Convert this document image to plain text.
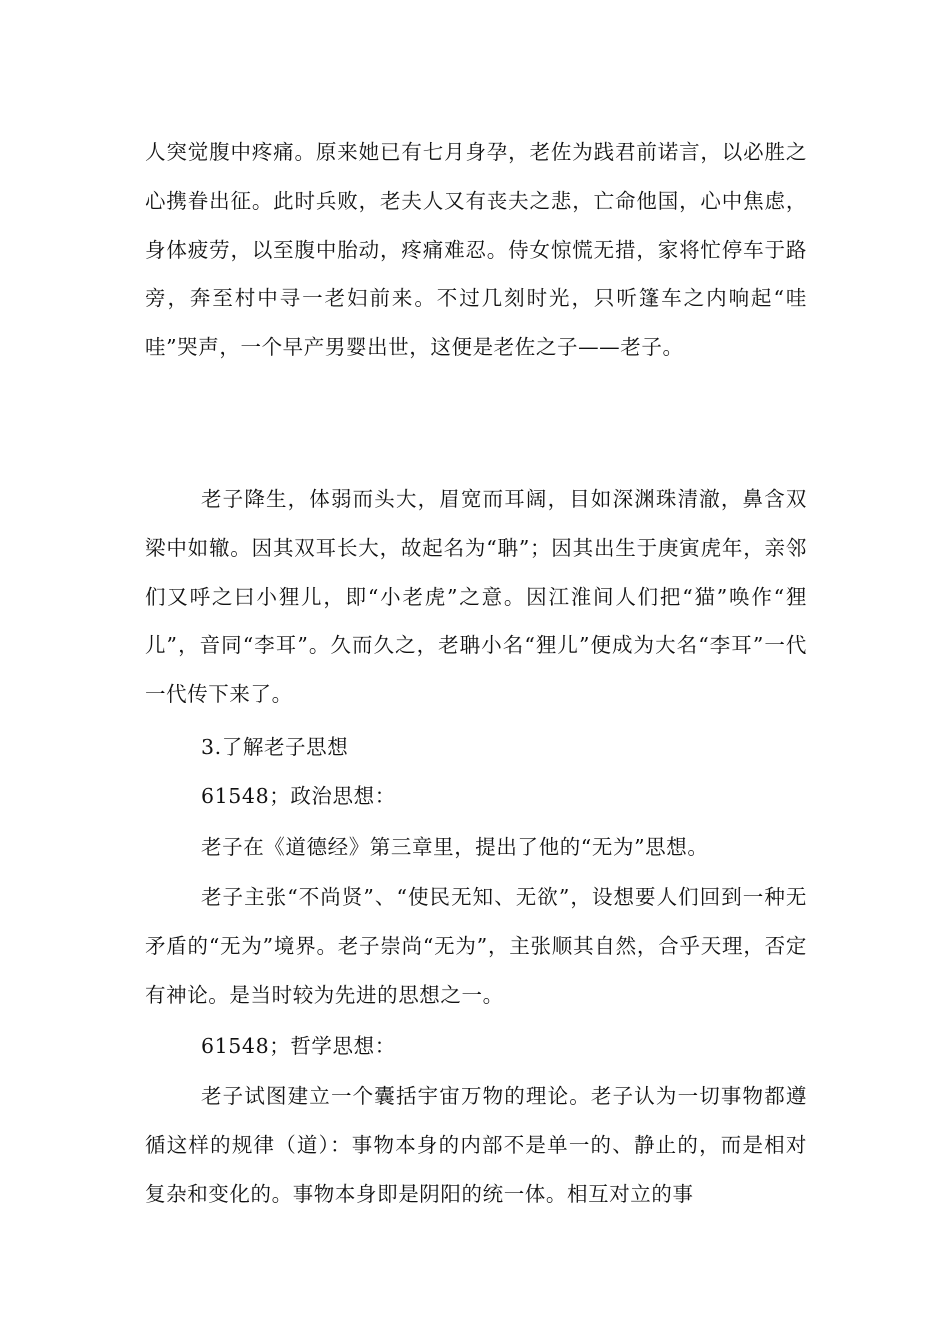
人突觉腹中疼痛。原来她已有七月身孕，老佐为践君前诺言，以必胜之心携眷出征。此时兵败，老夫人又有丧夫之悲，亡命他国，心中焦虑，身体疲劳，以至腹中胎动，疼痛难忍。侍女惊慌无措，家将忙停车于路旁，奔至村中寻一老妇前来。不过几刻时光，只听篷车之内响起“哇哇”哭声，一个早产男婴出世，这便是老佐之子——老子。

老子降生，体弱而头大，眉宽而耳阔，目如深渊珠清澈，鼻含双梁中如辙。因其双耳长大，故起名为“聃”；因其出生于庚寅虎年，亲邻们又呼之曰小狸儿，即“小老虎”之意。因江淮间人们把“猫”唤作“狸儿”，音同“李耳”。久而久之，老聃小名“狸儿”便成为大名“李耳”一代一代传下来了。

3.了解老子思想

61548；政治思想：

老子在《道德经》第三章里，提出了他的“无为”思想。

老子主张“不尚贤”、“使民无知、无欲”，设想要人们回到一种无矛盾的“无为”境界。老子崇尚“无为”，主张顺其自然，合乎天理，否定有神论。是当时较为先进的思想之一。

61548；哲学思想：

老子试图建立一个囊括宇宙万物的理论。老子认为一切事物都遵循这样的规律（道）：事物本身的内部不是单一的、静止的，而是相对复杂和变化的。事物本身即是阴阳的统一体。相互对立的事
